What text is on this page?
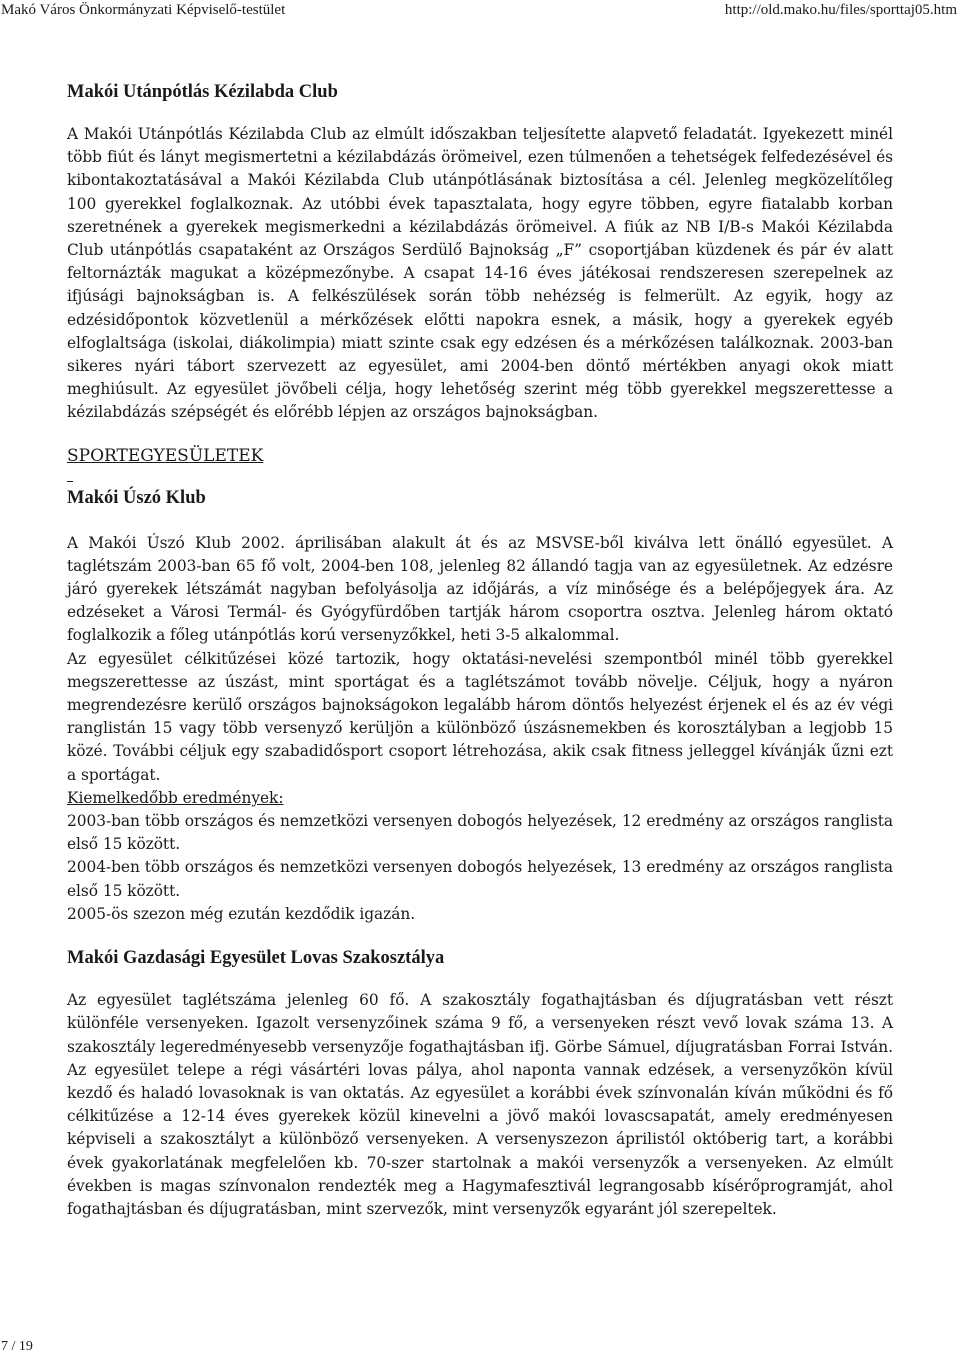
Makó Város Önkormányzati Képviselő-testület	http://old.mako.hu/files/sporttaj05.htm
Makói Utánpótlás Kézilabda Club

A Makói Utánpótlás Kézilabda Club az elmúlt időszakban teljesítette alapvető feladatát. Igyekezett minél több fiút és lányt megismertetni a kézilabdázás örömeivel, ezen túlmenően a tehetségek felfedezésével és kibontakoztatásával a Makói Kézilabda Club utánpótlásának biztosítása a cél. Jelenleg megközelítőleg 100 gyerekkel foglalkoznak. Az utóbbi évek tapasztalata, hogy egyre többen, egyre fiatalabb korban szeretnének a gyerekek megismerkedni a kézilabdázás örömeivel. A fiúk az NB I/B-s Makói Kézilabda Club utánpótlás csapataként az Országos Serdülő Bajnokság „F” csoportjában küzdenek és pár év alatt feltornázták magukat a középmezőnybe. A csapat 14-16 éves játékosai rendszeresen szerepelnek az ifjúsági bajnokságban is. A felkészülések során több nehézség is felmerült. Az egyik, hogy az edzésidőpontok közvetlenül a mérkőzések előtti napokra esnek, a másik, hogy a gyerekek egyéb elfoglaltsága (iskolai, diákolimpia) miatt szinte csak egy edzésen és a mérkőzésen találkoznak. 2003-ban sikeres nyári tábort szervezett az egyesület, ami 2004-ben döntő mértékben anyagi okok miatt meghiúsult. Az egyesület jövőbeli célja, hogy lehetőség szerint még több gyerekkel megszerettesse a kézilabdázás szépségét és előrébb lépjen az országos bajnokságban.

SPORTEGYESÜLETEK

Makói Úszó Klub

A Makói Úszó Klub 2002. áprilisában alakult át és az MSVSE-ből kiválva lett önálló egyesület. A taglétszám 2003-ban 65 fő volt, 2004-ben 108, jelenleg 82 állandó tagja van az egyesületnek. Az edzésre járó gyerekek létszámát nagyban befolyásolja az időjárás, a víz minősége és a belépőjegyek ára. Az edzéseket a Városi Termál- és Gyógyfürdőben tartják három csoportra osztva. Jelenleg három oktató foglalkozik a főleg utánpótlás korú versenyzőkkel, heti 3-5 alkalommal.

Az egyesület célkitűzései közé tartozik, hogy oktatási-nevelési szempontból minél több gyerekkel megszerettesse az úszást, mint sportágat és a taglétszámot tovább növelje. Céljuk, hogy a nyáron megrendezésre kerülő országos bajnokságokon legalább három döntős helyezést érjenek el és az év végi ranglistán 15 vagy több versenyző kerüljön a különböző úszásnemekben és korosztályban a legjobb 15 közé. További céljuk egy szabadidősport csoport létrehozása, akik csak fitness jelleggel kívánják űzni ezt a sportágat.

Kiemelkedőbb eredmények:

2003-ban több országos és nemzetközi versenyen dobogós helyezések, 12 eredmény az országos ranglista első 15 között.

2004-ben több országos és nemzetközi versenyen dobogós helyezések, 13 eredmény az országos ranglista első 15 között.

2005-ös szezon még ezután kezdődik igazán.

Makói Gazdasági Egyesület Lovas Szakosztálya

Az egyesület taglétszáma jelenleg 60 fő. A szakosztály fogathajtásban és díjugratásban vett részt különféle versenyeken. Igazolt versenyzőinek száma 9 fő, a versenyeken részt vevő lovak száma 13. A szakosztály legeredményesebb versenyzője fogathajtásban ifj. Görbe Sámuel, díjugratásban Forrai István. Az egyesület telepe a régi vásártéri lovas pálya, ahol naponta vannak edzések, a versenyzőkön kívül kezdő és haladó lovasoknak is van oktatás. Az egyesület a korábbi évek színvonalán kíván működni és fő célkitűzése a 12-14 éves gyerekek közül kinevelni a jövő makói lovascsapatát, amely eredményesen képviseli a szakosztályt a különböző versenyeken. A versenyszezon áprilistól októberig tart, a korábbi évek gyakorlatának megfelelően kb. 70-szer startolnak a makói versenyzők a versenyeken. Az elmúlt években is magas színvonalon rendezték meg a Hagymafesztivál legrangosabb kísérőprogramját, ahol fogathajtásban és díjugratásban, mint szervezők, mint versenyzők egyaránt jól szerepeltek.

7 / 19
